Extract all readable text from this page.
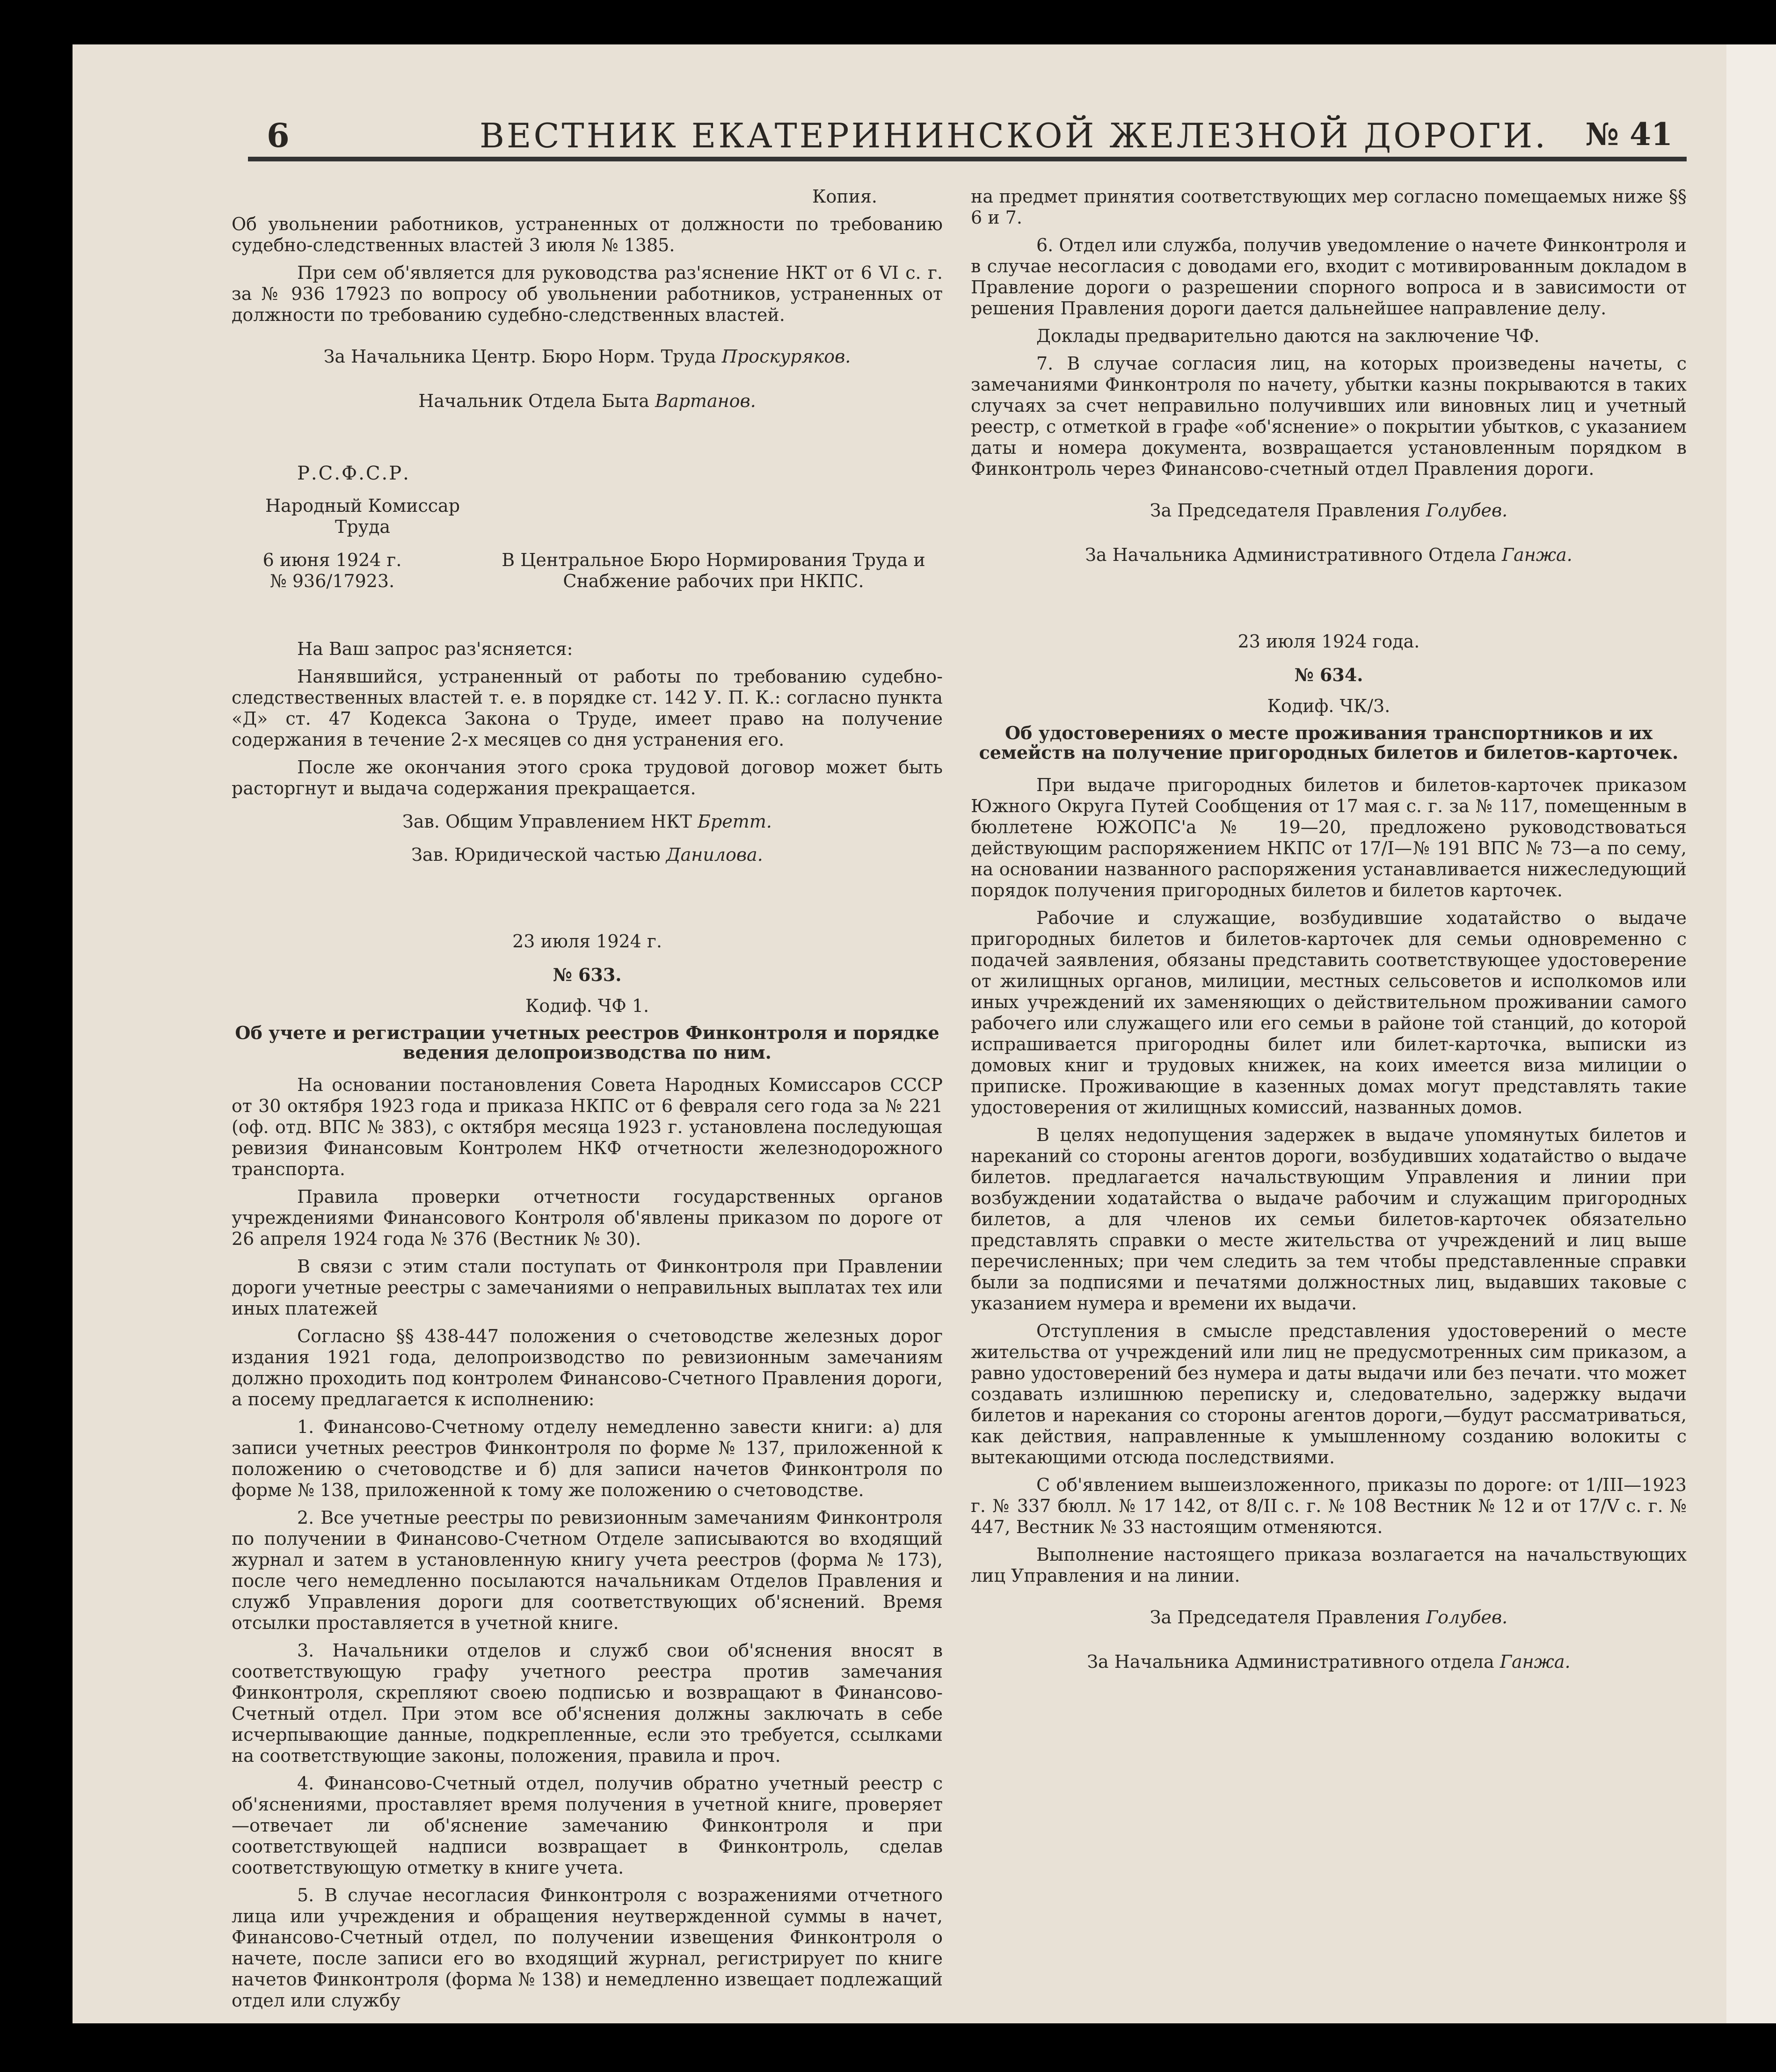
6	ВЕСТНИК ЕКАТЕРИНИНСКОЙ ЖЕЛЕЗНОЙ ДОРОГИ. № 41

Копия.

Об увольнении работников, устраненных от должности по требованию судебно-следственных властей 3 июля № 1385.

При сем об'является для руководства раз'яснение НКТ от 6 VI с. г. за № 936 17923 по вопросу об увольнении работников, устраненных от должности по требованию судебно-следственных властей.

За Начальника Центр. Бюро Норм. Труда Проскуряков.

Начальник Отдела Быта Вартанов.

Р.С.Ф.С.Р.

Народный Комиссар

Труда

6 июня 1924 г.
№ 936/17923.
В Центральное Бюро Нормирования Труда и Снабжение рабочих при НКПС.

На Ваш запрос раз'ясняется:

Нанявшийся, устраненный от работы по требованию судебно-следствественных властей т. е. в порядке ст. 142 У. П. К.: согласно пункта «Д» ст. 47 Кодекса Закона о Труде, имеет право на получение содержания в течение 2-х месяцев со дня устранения его.

После же окончания этого срока трудовой договор может быть расторгнут и выдача содержания прекращается.

Зав. Общим Управлением НКТ Бретт.

Зав. Юридической частью Данилова.

23 июля 1924 г.

№ 633.

Кодиф. ЧФ 1.

Об учете и регистрации учетных реестров Финконтроля и порядке ведения делопроизводства по ним.

На основании постановления Совета Народных Комиссаров СССР от 30 октября 1923 года и приказа НКПС от 6 февраля сего года за № 221 (оф. отд. ВПС № 383), с октября месяца 1923 г. установлена последующая ревизия Финансовым Контролем НКФ отчетности железнодорожного транспорта.

Правила проверки отчетности государственных органов учреждениями Финансового Контроля об'явлены приказом по дороге от 26 апреля 1924 года № 376 (Вестник № 30).

В связи с этим стали поступать от Финконтроля при Правлении дороги учетные реестры с замечаниями о неправильных выплатах тех или иных платежей

Согласно §§ 438-447 положения о счетоводстве железных дорог издания 1921 года, делопроизводство по ревизионным замечаниям должно проходить под контролем Финансово-Счетного Правления дороги, а посему предлагается к исполнению:

1. Финансово-Счетному отделу немедленно завести книги: а) для записи учетных реестров Финконтроля по форме № 137, приложенной к положению о счетоводстве и б) для записи начетов Финконтроля по форме № 138, приложенной к тому же положению о счетоводстве.

2. Все учетные реестры по ревизионным замечаниям Финконтроля по получении в Финансово-Счетном Отделе записываются во входящий журнал и затем в установленную книгу учета реестров (форма № 173), после чего немедленно посылаются начальникам Отделов Правления и служб Управления дороги для соответствующих об'яснений. Время отсылки проставляется в учетной книге.

3. Начальники отделов и служб свои об'яснения вносят в соответствующую графу учетного реестра против замечания Финконтроля, скрепляют своею подписью и возвращают в Финансово-Счетный отдел. При этом все об'яснения должны заключать в себе исчерпывающие данные, подкрепленные, если это требуется, ссылками на соответствующие законы, положения, правила и проч.

4. Финансово-Счетный отдел, получив обратно учетный реестр с об'яснениями, проставляет время получения в учетной книге, проверяет—отвечает ли об'яснение замечанию Финконтроля и при соответствующей надписи возвращает в Финконтроль, сделав соответствующую отметку в книге учета.

5. В случае несогласия Финконтроля с возражениями отчетного лица или учреждения и обращения неутвержденной суммы в начет, Финансово-Счетный отдел, по получении извещения Финконтроля о начете, после записи его во входящий журнал, регистрирует по книге начетов Финконтроля (форма № 138) и немедленно извещает подлежащий отдел или службу

на предмет принятия соответствующих мер согласно помещаемых ниже §§ 6 и 7.

6. Отдел или служба, получив уведомление о начете Финконтроля и в случае несогласия с доводами его, входит с мотивированным докладом в Правление дороги о разрешении спорного вопроса и в зависимости от решения Правления дороги дается дальнейшее направление делу.

Доклады предварительно даются на заключение ЧФ.

7. В случае согласия лиц, на которых произведены начеты, с замечаниями Финконтроля по начету, убытки казны покрываются в таких случаях за счет неправильно получивших или виновных лиц и учетный реестр, с отметкой в графе «об'яснение» о покрытии убытков, с указанием даты и номера документа, возвращается установленным порядком в Финконтроль через Финансово-счетный отдел Правления дороги.

За Председателя Правления Голубев.

За Начальника Административного Отдела Ганжа.

23 июля 1924 года.

№ 634.

Кодиф. ЧК/3.

Об удостоверениях о месте проживания транспортников и их семейств на получение пригородных билетов и билетов-карточек.

При выдаче пригородных билетов и билетов-карточек приказом Южного Округа Путей Сообщения от 17 мая с. г. за № 117, помещенным в бюллетене ЮЖОПС'а № 19—20, предложено руководствоваться действующим распоряжением НКПС от 17/I—№ 191 ВПС № 73—а по сему, на основании названного распоряжения устанавливается нижеследующий порядок получения пригородных билетов и билетов карточек.

Рабочие и служащие, возбудившие ходатайство о выдаче пригородных билетов и билетов-карточек для семьи одновременно с подачей заявления, обязаны представить соответствующее удостоверение от жилищных органов, милиции, местных сельсоветов и исполкомов или иных учреждений их заменяющих о действительном проживании самого рабочего или служащего или его семьи в районе той станций, до которой испрашивается пригородны билет или билет-карточка, выписки из домовых книг и трудовых книжек, на коих имеется виза милиции о приписке. Проживающие в казенных домах могут представлять такие удостоверения от жилищных комиссий, названных домов.

В целях недопущения задержек в выдаче упомянутых билетов и нареканий со стороны агентов дороги, возбудивших ходатайство о выдаче билетов. предлагается начальствующим Управления и линии при возбуждении ходатайства о выдаче рабочим и служащим пригородных билетов, а для членов их семьи билетов-карточек обязательно представлять справки о месте жительства от учреждений и лиц выше перечисленных; при чем следить за тем чтобы представленные справки были за подписями и печатями должностных лиц, выдавших таковые с указанием нумера и времени их выдачи.

Отступления в смысле представления удостоверений о месте жительства от учреждений или лиц не предусмотренных сим приказом, а равно удостоверений без нумера и даты выдачи или без печати. что может создавать излишнюю переписку и, следовательно, задержку выдачи билетов и нарекания со стороны агентов дороги,—будут рассматриваться, как действия, направленные к умышленному созданию волокиты с вытекающими отсюда последствиями.

С об'явлением вышеизложенного, приказы по дороге: от 1/III—1923 г. № 337 бюлл. № 17 142, от 8/II с. г. № 108 Вестник № 12 и от 17/V с. г. № 447, Вестник № 33 настоящим отменяются.

Выполнение настоящего приказа возлагается на начальствующих лиц Управления и на линии.

За Председателя Правления Голубев.

За Начальника Административного отдела Ганжа.
